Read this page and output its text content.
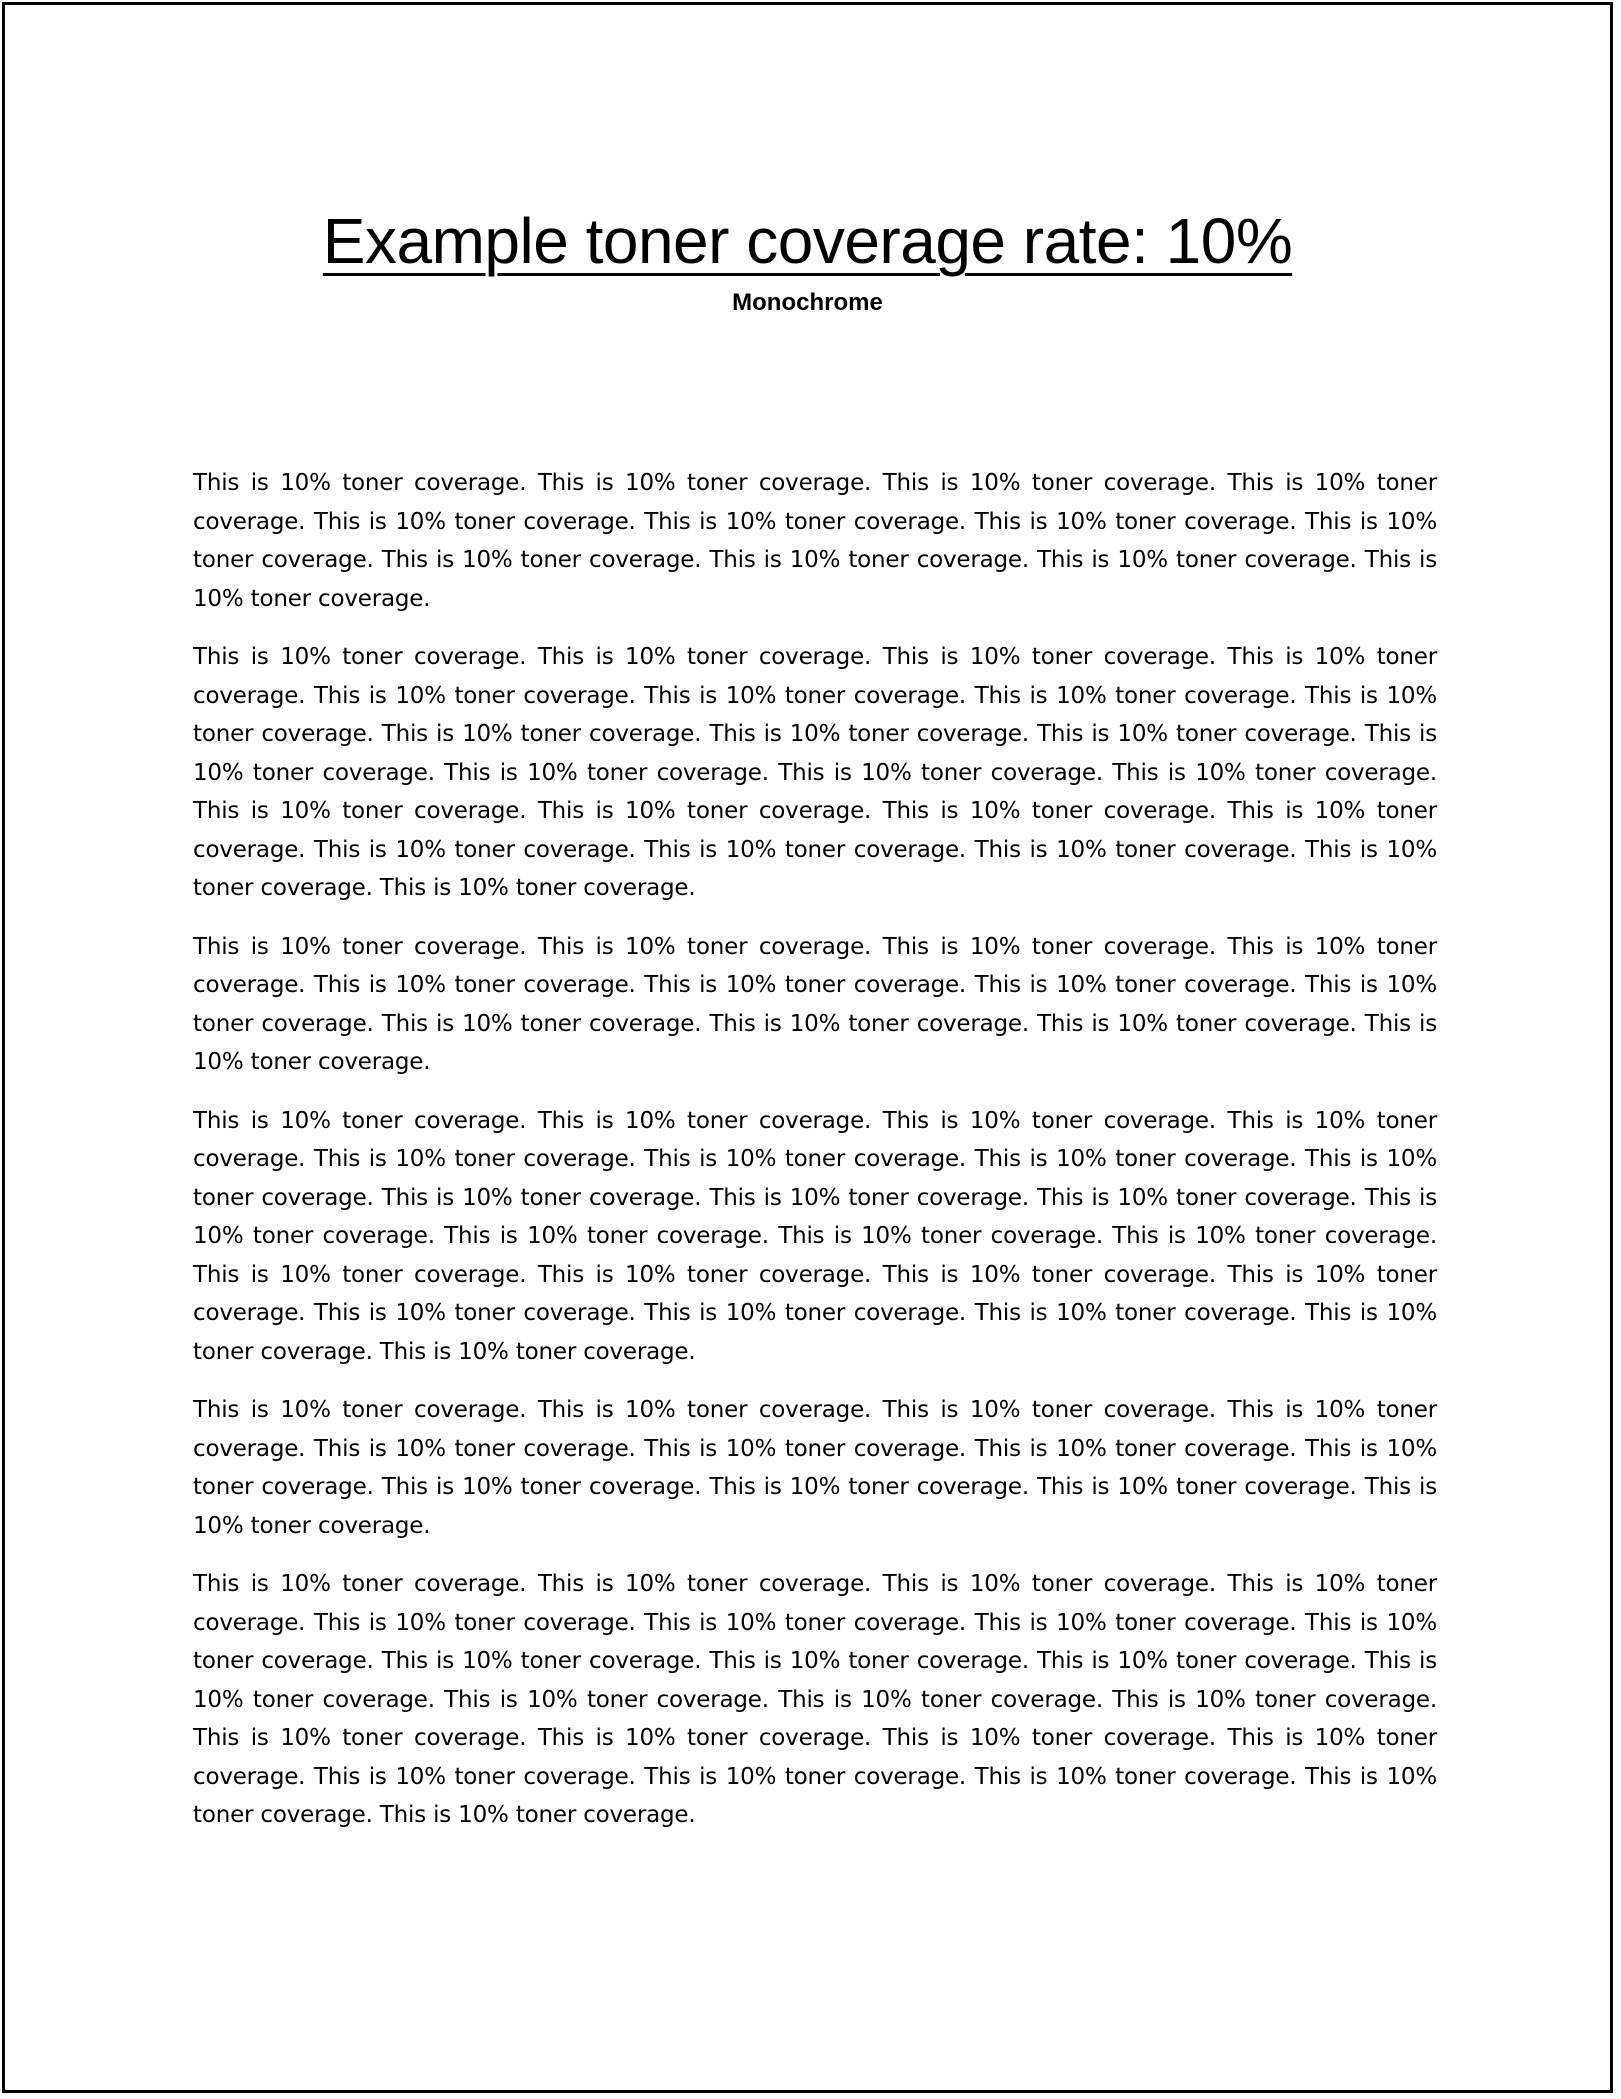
Example toner coverage rate: 10%
Monochrome

This is 10% toner coverage. This is 10% toner coverage. This is 10% toner coverage. This is 10% toner coverage. This is 10% toner coverage. This is 10% toner coverage. This is 10% toner coverage. This is 10% toner coverage. This is 10% toner coverage. This is 10% toner coverage. This is 10% toner coverage. This is 10% toner coverage.

This is 10% toner coverage. This is 10% toner coverage. This is 10% toner coverage. This is 10% toner coverage. This is 10% toner coverage. This is 10% toner coverage. This is 10% toner coverage. This is 10% toner coverage. This is 10% toner coverage. This is 10% toner coverage. This is 10% toner coverage. This is 10% toner coverage. This is 10% toner coverage. This is 10% toner coverage. This is 10% toner coverage. This is 10% toner coverage. This is 10% toner coverage. This is 10% toner coverage. This is 10% toner coverage. This is 10% toner coverage. This is 10% toner coverage. This is 10% toner coverage. This is 10% toner coverage. This is 10% toner coverage.

This is 10% toner coverage. This is 10% toner coverage. This is 10% toner coverage. This is 10% toner coverage. This is 10% toner coverage. This is 10% toner coverage. This is 10% toner coverage. This is 10% toner coverage. This is 10% toner coverage. This is 10% toner coverage. This is 10% toner coverage. This is 10% toner coverage.

This is 10% toner coverage. This is 10% toner coverage. This is 10% toner coverage. This is 10% toner coverage. This is 10% toner coverage. This is 10% toner coverage. This is 10% toner coverage. This is 10% toner coverage. This is 10% toner coverage. This is 10% toner coverage. This is 10% toner coverage. This is 10% toner coverage. This is 10% toner coverage. This is 10% toner coverage. This is 10% toner coverage. This is 10% toner coverage. This is 10% toner coverage. This is 10% toner coverage. This is 10% toner coverage. This is 10% toner coverage. This is 10% toner coverage. This is 10% toner coverage. This is 10% toner coverage. This is 10% toner coverage.

This is 10% toner coverage. This is 10% toner coverage. This is 10% toner coverage. This is 10% toner coverage. This is 10% toner coverage. This is 10% toner coverage. This is 10% toner coverage. This is 10% toner coverage. This is 10% toner coverage. This is 10% toner coverage. This is 10% toner coverage. This is 10% toner coverage.

This is 10% toner coverage. This is 10% toner coverage. This is 10% toner coverage. This is 10% toner coverage. This is 10% toner coverage. This is 10% toner coverage. This is 10% toner coverage. This is 10% toner coverage. This is 10% toner coverage. This is 10% toner coverage. This is 10% toner coverage. This is 10% toner coverage. This is 10% toner coverage. This is 10% toner coverage. This is 10% toner coverage. This is 10% toner coverage. This is 10% toner coverage. This is 10% toner coverage. This is 10% toner coverage. This is 10% toner coverage. This is 10% toner coverage. This is 10% toner coverage. This is 10% toner coverage. This is 10% toner coverage.
